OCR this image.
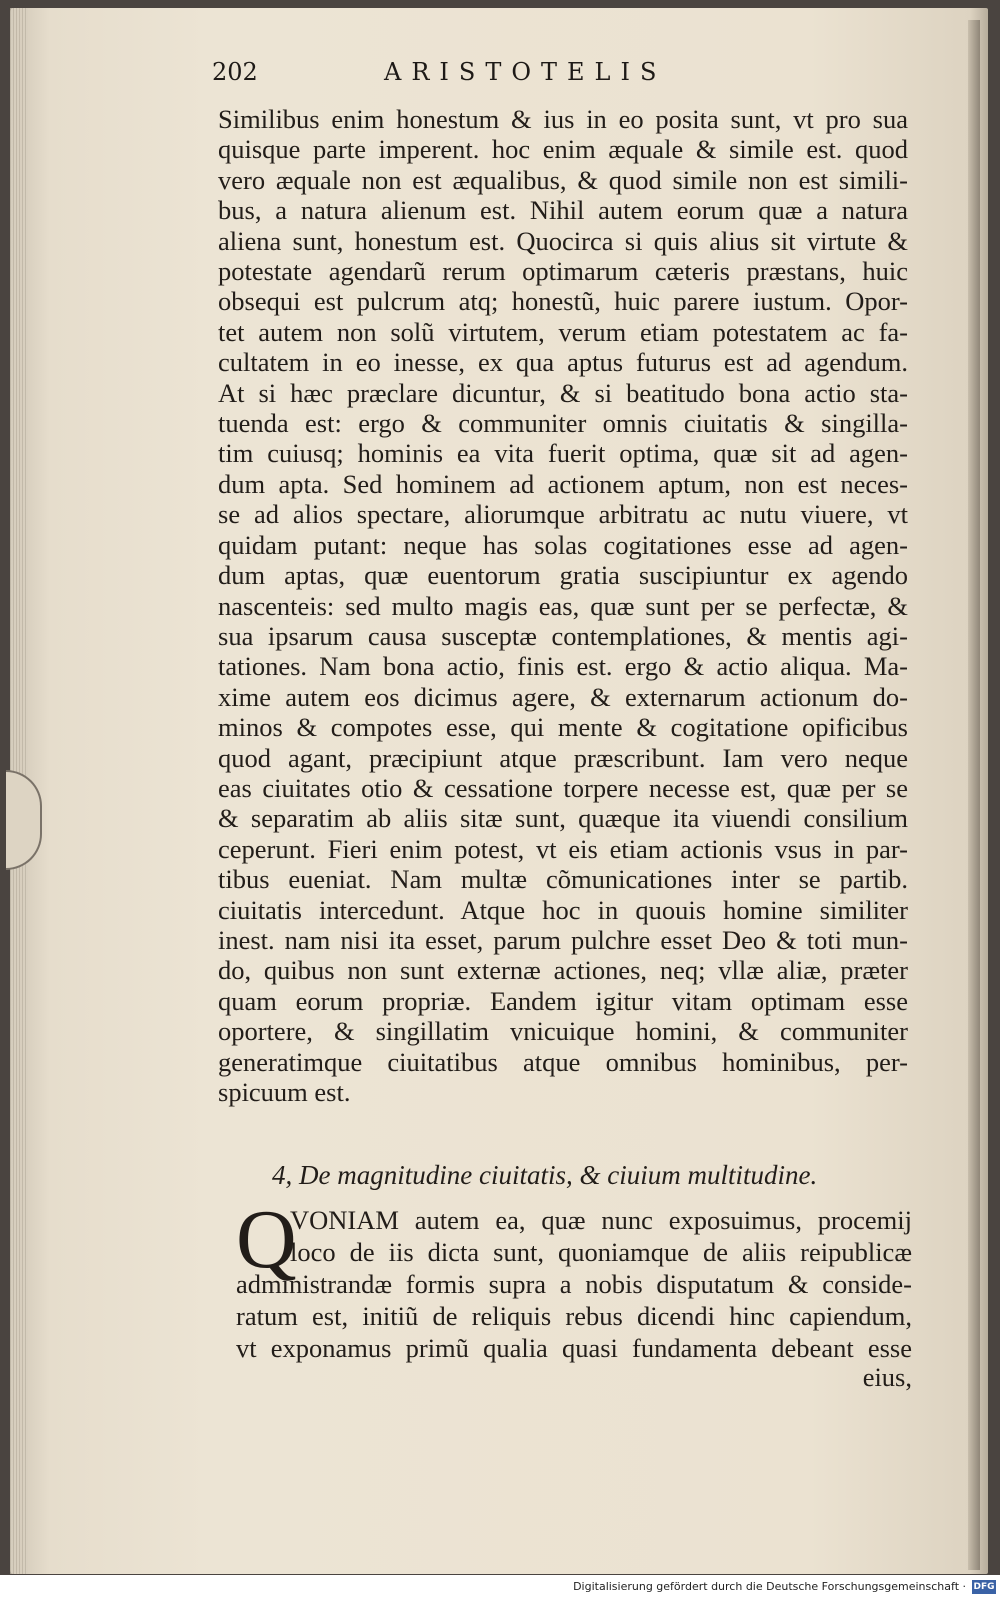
202	ARISTOTELIS
Similibus enim honestum & ius in eo posita sunt, vt pro sua
quisque parte imperent. hoc enim æquale & simile est. quod
vero æquale non est æqualibus, & quod simile non est simili-
bus, a natura alienum est. Nihil autem eorum quæ a natura
aliena sunt, honestum est. Quocirca si quis alius sit virtute &
potestate agendarũ rerum optimarum cæteris præstans, huic
obsequi est pulcrum atq; honestũ, huic parere iustum. Opor-
tet autem non solũ virtutem, verum etiam potestatem ac fa-
cultatem in eo inesse, ex qua aptus futurus est ad agendum.
At si hæc præclare dicuntur, & si beatitudo bona actio sta-
tuenda est: ergo & communiter omnis ciuitatis & singilla-
tim cuiusq; hominis ea vita fuerit optima, quæ sit ad agen-
dum apta. Sed hominem ad actionem aptum, non est neces-
se ad alios spectare, aliorumque arbitratu ac nutu viuere, vt
quidam putant: neque has solas cogitationes esse ad agen-
dum aptas, quæ euentorum gratia suscipiuntur ex agendo
nascenteis: sed multo magis eas, quæ sunt per se perfectæ, &
sua ipsarum causa susceptæ contemplationes, & mentis agi-
tationes. Nam bona actio, finis est. ergo & actio aliqua. Ma-
xime autem eos dicimus agere, & externarum actionum do-
minos & compotes esse, qui mente & cogitatione opificibus
quod agant, præcipiunt atque præscribunt. Iam vero neque
eas ciuitates otio & cessatione torpere necesse est, quæ per se
& separatim ab aliis sitæ sunt, quæque ita viuendi consilium
ceperunt. Fieri enim potest, vt eis etiam actionis vsus in par-
tibus eueniat. Nam multæ cõmunicationes inter se partib.
ciuitatis intercedunt. Atque hoc in quouis homine similiter
inest. nam nisi ita esset, parum pulchre esset Deo & toti mun-
do, quibus non sunt externæ actiones, neq; vllæ aliæ, præter
quam eorum propriæ. Eandem igitur vitam optimam esse
oportere, & singillatim vnicuique homini, & communiter
generatimque ciuitatibus atque omnibus hominibus, per-
spicuum est.
4, De magnitudine ciuitatis, & ciuium multitudine.
Q
VONIAM autem ea, quæ nunc exposuimus, procemij
loco de iis dicta sunt, quoniamque de aliis reipublicæ
administrandæ formis supra a nobis disputatum & conside-
ratum est, initiũ de reliquis rebus dicendi hinc capiendum,
vt exponamus primũ qualia quasi fundamenta debeant esse
eius,
Digitalisierung gefördert durch die Deutsche Forschungsgemeinschaft ·
DFG
